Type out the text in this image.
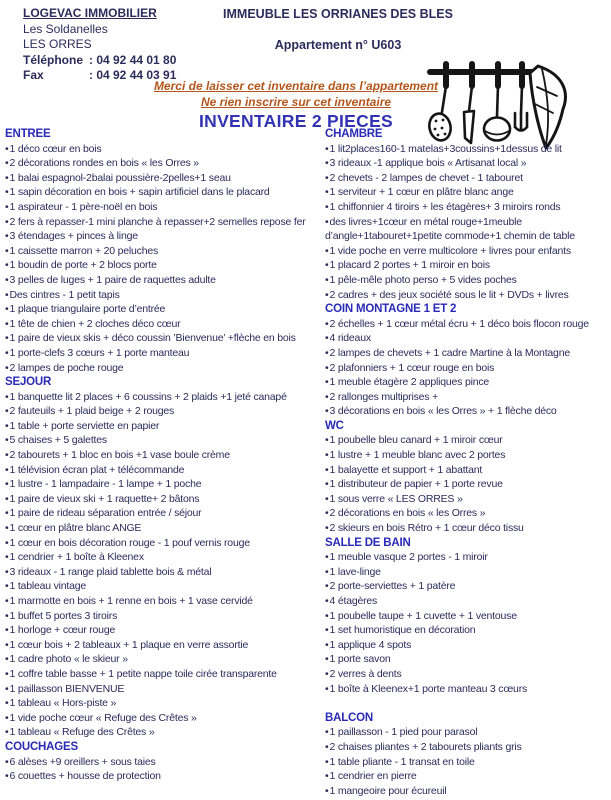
LOGEVAC IMMOBILIER
Les Soldanelles
LES ORRES
Téléphone : 04 92 44 01 80
Fax	: 04 92 44 03 91
IMMEUBLE LES ORRIANES DES BLES
Appartement n° U603
Merci de laisser cet inventaire dans l’appartement
Ne rien inscrire sur cet inventaire
INVENTAIRE 2 PIECES
ENTREE
•1 déco cœur en bois
•2 décorations rondes en bois « les Orres »
•1 balai espagnol-2balai poussière-2pelles+1 seau
•1 sapin décoration en bois + sapin artificiel dans le placard
•1 aspirateur - 1 père-noël en bois
•2 fers à repasser-1 mini planche à repasser+2 semelles repose fer
•3 étendages + pinces à linge
•1 caissette marron + 20 peluches
•1 boudin de porte + 2 blocs porte
•3 pelles de luges + 1 paire de raquettes adulte
•Des cintres - 1 petit tapis
•1 plaque triangulaire porte d’entrée
•1 tête de chien + 2 cloches déco cœur
•1 paire de vieux skis + déco coussin ’Bienvenue’ +flèche en bois
•1 porte-clefs 3 cœurs + 1 porte manteau
•2 lampes de poche rouge
SEJOUR
•1 banquette lit 2 places + 6 coussins + 2 plaids +1 jeté canapé
•2 fauteuils + 1 plaid beige + 2 rouges
•1 table + porte serviette en papier
•5 chaises + 5 galettes
•2 tabourets + 1 bloc en bois +1 vase boule crème
•1 télévision écran plat + télécommande
•1 lustre - 1 lampadaire - 1 lampe + 1 poche
•1 paire de vieux ski + 1 raquette+ 2 bâtons
•1 paire de rideau séparation entrée / séjour
•1 cœur en plâtre blanc ANGE
•1 cœur en bois décoration rouge - 1 pouf vernis rouge
•1 cendrier + 1 boîte à Kleenex
•3 rideaux - 1 range plaid tablette bois & métal
•1 tableau vintage
•1 marmotte en bois + 1 renne en bois + 1 vase cervidé
•1 buffet 5 portes 3 tiroirs
•1 horloge + cœur rouge
•1 cœur bois + 2 tableaux + 1 plaque en verre assortie
•1 cadre photo « le skieur »
•1 coffre table basse + 1 petite nappe toile cirée transparente
•1 paillasson BIENVENUE
•1 tableau « Hors-piste »
•1 vide poche cœur « Refuge des Crêtes »
•1 tableau « Refuge des Crêtes »
COUCHAGES
•6 alèses +9 oreillers + sous taies
•6 couettes + housse de protection
CHAMBRE
•1 lit2places160-1 matelas+3coussins+1dessus de lit
•3 rideaux -1 applique bois « Artisanat local »
•2 chevets - 2 lampes de chevet - 1 tabouret
•1 serviteur + 1 cœur en plâtre blanc ange
•1 chiffonnier 4 tiroirs + les étagères+ 3 miroirs ronds
•des livres+1cœur en métal rouge+1meuble d’angle+1tabouret+1petite commode+1 chemin de table
•1 vide poche en verre multicolore + livres pour enfants
•1 placard 2 portes + 1 miroir en bois
•1 pêle-mêle photo perso + 5 vides poches
•2 cadres + des jeux société sous le lit + DVDs + livres
COIN MONTAGNE 1 ET 2
•2 échelles + 1 cœur métal écru + 1 déco bois flocon rouge
•4 rideaux
•2 lampes de chevets + 1 cadre Martine à la Montagne
•2 plafonniers + 1 cœur rouge en bois
•1 meuble étagère 2 appliques pince
•2 rallonges multiprises +
•3 décorations en bois « les Orres » + 1 flèche déco
WC
•1 poubelle bleu canard + 1 miroir cœur
•1 lustre + 1 meuble blanc avec 2 portes
•1 balayette et support + 1 abattant
•1 distributeur de papier + 1 porte revue
•1 sous verre « LES ORRES »
•2 décorations en bois « les Orres »
•2 skieurs en bois Rétro + 1 cœur déco tissu
SALLE DE BAIN
•1 meuble vasque 2 portes - 1 miroir
•1 lave-linge
•2 porte-serviettes + 1 patère
•4 étagères
•1 poubelle taupe + 1 cuvette + 1 ventouse
•1 set humoristique en décoration
•1 applique 4 spots
•1 porte savon
•2 verres à dents
•1 boîte à Kleenex+1 porte manteau 3 cœurs
BALCON
•1 paillasson - 1 pied pour parasol
•2 chaises pliantes + 2 tabourets pliants gris
•1 table pliante - 1 transat en toile
•1 cendrier en pierre
•1 mangeoire pour écureuil
